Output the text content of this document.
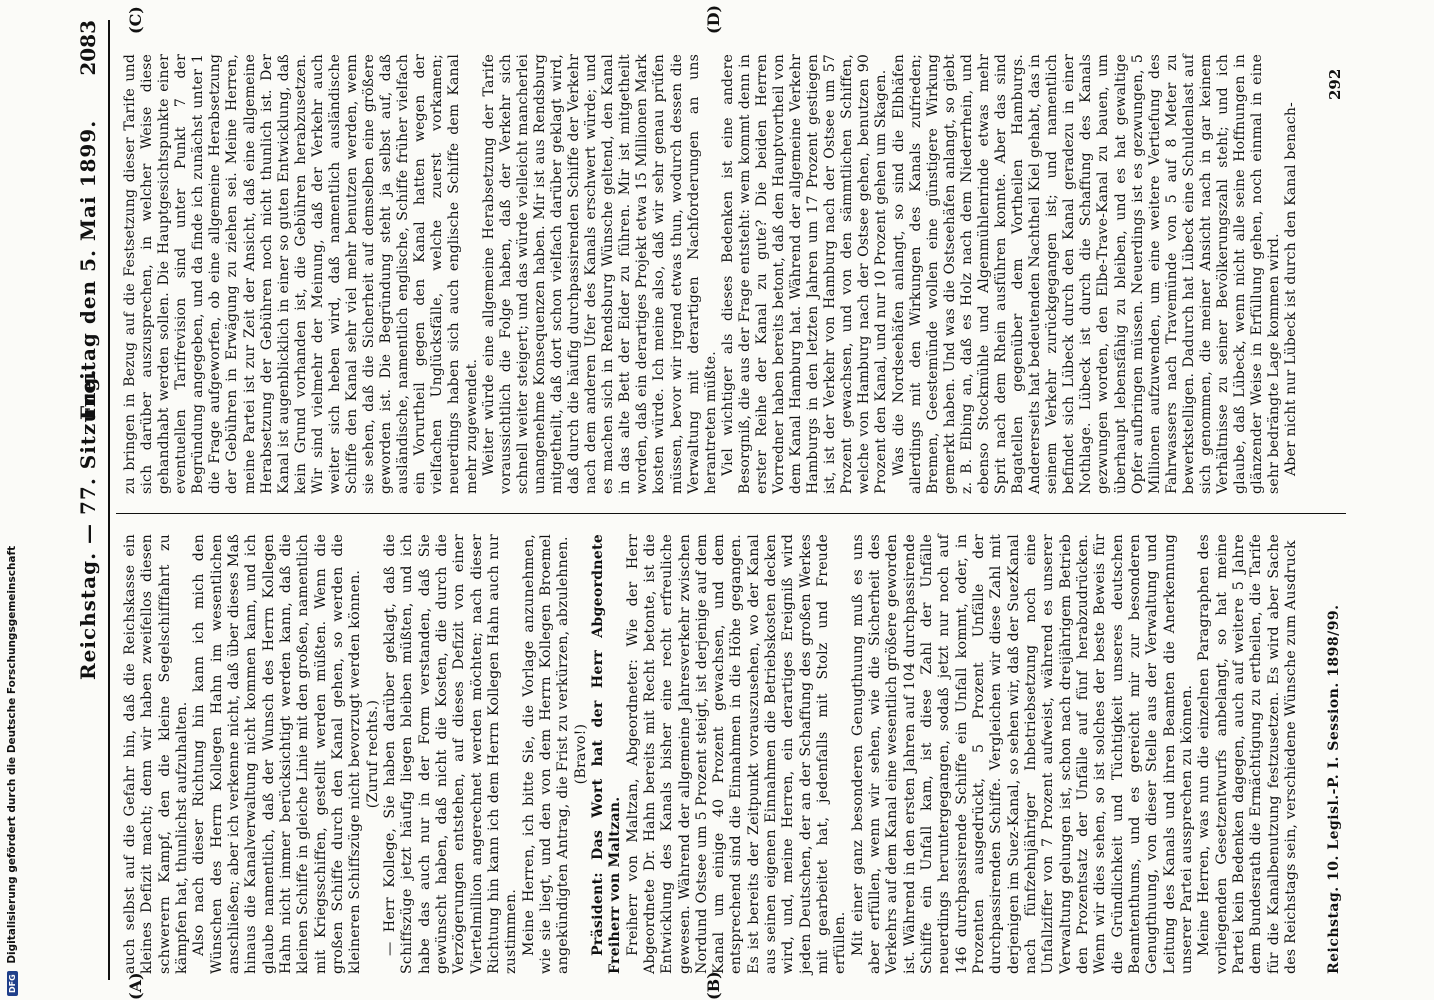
Reichstag. — 77. Sitzung.
Freitag den 5. Mai 1899.
2083
(A)	(B)
(C)	(D)

auch selbst auf die Gefahr hin, daß die Reichskasse ein kleines Defizit macht; denn wir haben zweifellos diesen schwerern Kampf, den die kleine Segelschifffahrt zu kämpfen hat, thunlichst aufzuhalten. Also nach dieser Richtung hin kann ich mich den Wünschen des Herrn Kollegen Hahn im wesentlichen anschließen; aber ich verkenne nicht, daß über dieses Maß hinaus die Kanalverwaltung nicht kommen kann, und ich glaube namentlich, daß der Wunsch des Herrn Kollegen Hahn nicht immer berücksichtigt werden kann, daß die kleinen Schiffe in gleiche Linie mit den großen, namentlich mit Kriegsschiffen, gestellt werden müßten. Wenn die großen Schiffe durch den Kanal gehen, so werden die kleineren Schiffszüge nicht bevorzugt werden können. (Zuruf rechts.) — Herr Kollege, Sie haben darüber geklagt, daß die Schiffszüge jetzt häufig liegen bleiben müßten, und ich habe das auch nur in der Form verstanden, daß Sie gewünscht haben, daß nicht die Kosten, die durch die Verzögerungen entstehen, auf dieses Defizit von einer Viertelmillion angerechnet werden möchten; nach dieser Richtung hin kann ich dem Herrn Kollegen Hahn auch nur zustimmen. Meine Herren, ich bitte Sie, die Vorlage anzunehmen, wie sie liegt, und den von dem Herrn Kollegen Broemel angekündigten Antrag, die Frist zu verkürzen, abzulehnen. (Bravo!) Präsident: Das Wort hat der Herr Abgeordnete Freiherr von Maltzan. Freiherr von Maltzan, Abgeordneter: Wie der Herr Abgeordnete Dr. Hahn bereits mit Recht betonte, ist die Entwicklung des Kanals bisher eine recht erfreuliche gewesen. Während der allgemeine Jahresverkehr zwischen Nordund Ostsee um 5 Prozent steigt, ist derjenige auf dem Kanal um einige 40 Prozent gewachsen, und dem entsprechend sind die Einnahmen in die Höhe gegangen. Es ist bereits der Zeitpunkt vorauszusehen, wo der Kanal aus seinen eigenen Einnahmen die Betriebskosten decken wird, und, meine Herren, ein derartiges Ereigniß wird jeden Deutschen, der an der Schaffung des großen Werkes mit gearbeitet hat, jedenfalls mit Stolz und Freude erfüllen. Mit einer ganz besonderen Genugthuung muß es uns aber erfüllen, wenn wir sehen, wie die Sicherheit des Verkehrs auf dem Kanal eine wesentlich größere geworden ist. Während in den ersten Jahren auf 104 durchpassirende Schiffe ein Unfall kam, ist diese Zahl der Unfälle neuerdings heruntergegangen, sodaß jetzt nur noch auf 146 durchpassirende Schiffe ein Unfall kommt, oder, in Prozenten ausgedrückt, 5 Prozent Unfälle der durchpassirenden Schiffe. Vergleichen wir diese Zahl mit derjenigen im Suez-Kanal, so sehen wir, daß der SuezKanal nach fünfzehnjähriger Inbetriebsetzung noch eine Unfallziffer von 7 Prozent aufweist, während es unserer Verwaltung gelungen ist, schon nach dreijährigem Betrieb den Prozentsatz der Unfälle auf fünf herabzudrücken. Wenn wir dies sehen, so ist solches der beste Beweis für die Gründlichkeit und Tüchtigkeit unseres deutschen Beamtenthums, und es gereicht mir zur besonderen Genugthuung, von dieser Stelle aus der Verwaltung und Leitung des Kanals und ihren Beamten die Anerkennung unserer Partei aussprechen zu können. Meine Herren, was nun die einzelnen Paragraphen des vorliegenden Gesetzentwurfs anbelangt, so hat meine Partei kein Bedenken dagegen, auch auf weitere 5 Jahre dem Bundesrath die Ermächtigung zu ertheilen, die Tarife für die Kanalbenutzung festzusetzen. Es wird aber Sache des Reichstags sein, verschiedene Wünsche zum Ausdruck

zu bringen in Bezug auf die Festsetzung dieser Tarife und sich darüber auszusprechen, in welcher Weise diese gehandhabt werden sollen. Die Hauptgesichtspunkte einer eventuellen Tarifrevision sind unter Punkt 7 der Begründung angegeben, und da finde ich zunächst unter 1 die Frage aufgeworfen, ob eine allgemeine Herabsetzung der Gebühren in Erwägung zu ziehen sei. Meine Herren, meine Partei ist zur Zeit der Ansicht, daß eine allgemeine Herabsetzung der Gebühren noch nicht thunlich ist. Der Kanal ist augenblicklich in einer so guten Entwicklung, daß kein Grund vorhanden ist, die Gebühren herabzusetzen. Wir sind vielmehr der Meinung, daß der Verkehr auch weiter sich heben wird, daß namentlich ausländische Schiffe den Kanal sehr viel mehr benutzen werden, wenn sie sehen, daß die Sicherheit auf demselben eine größere geworden ist. Die Begründung steht ja selbst auf, daß ausländische, namentlich englische, Schiffe früher vielfach ein Vorurtheil gegen den Kanal hatten wegen der vielfachen Unglücksfälle, welche zuerst vorkamen; neuerdings haben sich auch englische Schiffe dem Kanal mehr zugewendet. Weiter würde eine allgemeine Herabsetzung der Tarife voraussichtlich die Folge haben, daß der Verkehr sich schnell weiter steigert; und das würde vielleicht mancherlei unangenehme Konsequenzen haben. Mir ist aus Rendsburg mitgetheilt, daß dort schon vielfach darüber geklagt wird, daß durch die häufig durchpassirenden Schiffe der Verkehr nach dem anderen Ufer des Kanals erschwert würde; und es machen sich in Rendsburg Wünsche geltend, den Kanal in das alte Bett der Eider zu führen. Mir ist mitgetheilt worden, daß ein derartiges Projekt etwa 15 Millionen Mark kosten würde. Ich meine also, daß wir sehr genau prüfen müssen, bevor wir irgend etwas thun, wodurch dessen die Verwaltung mit derartigen Nachforderungen an uns herantreten müßte. Viel wichtiger als dieses Bedenken ist eine andere Besorgniß, die aus der Frage entsteht: wem kommt denn in erster Reihe der Kanal zu gute? Die beiden Herren Vorredner haben bereits betont, daß den Hauptvortheil von dem Kanal Hamburg hat. Während der allgemeine Verkehr Hamburgs in den letzten Jahren um 17 Prozent gestiegen ist, ist der Verkehr von Hamburg nach der Ostsee um 57 Prozent gewachsen, und von den sämmtlichen Schiffen, welche von Hamburg nach der Ostsee gehen, benutzen 90 Prozent den Kanal, und nur 10 Prozent gehen um Skagen. Was die Nordseehäfen anlangt, so sind die Elbhäfen allerdings mit den Wirkungen des Kanals zufrieden; Bremen, Geestemünde wollen eine günstigere Wirkung gemerkt haben. Und was die Ostseehäfen anlangt, so giebt z. B. Elbing an, daß es Holz nach dem Niederrhein, und ebenso Stockmühle und Algenmühlenrinde etwas mehr Sprit nach dem Rhein ausführen konnte. Aber das sind Bagatellen gegenüber dem Vortheilen Hamburgs. Andererseits hat bedeutenden Nachtheil Kiel gehabt, das in seinem Verkehr zurückgegangen ist; und namentlich befindet sich Lübeck durch den Kanal geradezu in einer Nothlage. Lübeck ist durch die Schaffung des Kanals gezwungen worden, den Elbe-Trave-Kanal zu bauen, um überhaupt lebensfähig zu bleiben, und es hat gewaltige Opfer aufbringen müssen. Neuerdings ist es gezwungen, 5 Millionen aufzuwenden, um eine weitere Vertiefung des Fahrwassers nach Travemünde von 5 auf 8 Meter zu bewerkstelligen. Dadurch hat Lübeck eine Schuldenlast auf sich genommen, die meiner Ansicht nach in gar keinem Verhältnisse zu seiner Bevölkerungszahl steht; und ich glaube, daß Lübeck, wenn nicht alle seine Hoffnungen in glänzender Weise in Erfüllung gehen, noch einmal in eine sehr bedrängte Lage kommen wird. Aber nicht nur Lübeck ist durch den Kanal benach-

Reichstag. 10. Legisl.-P. I. Session. 1898/99.
292
DFG Digitalisierung gefördert durch die Deutsche Forschungsgemeinschaft
